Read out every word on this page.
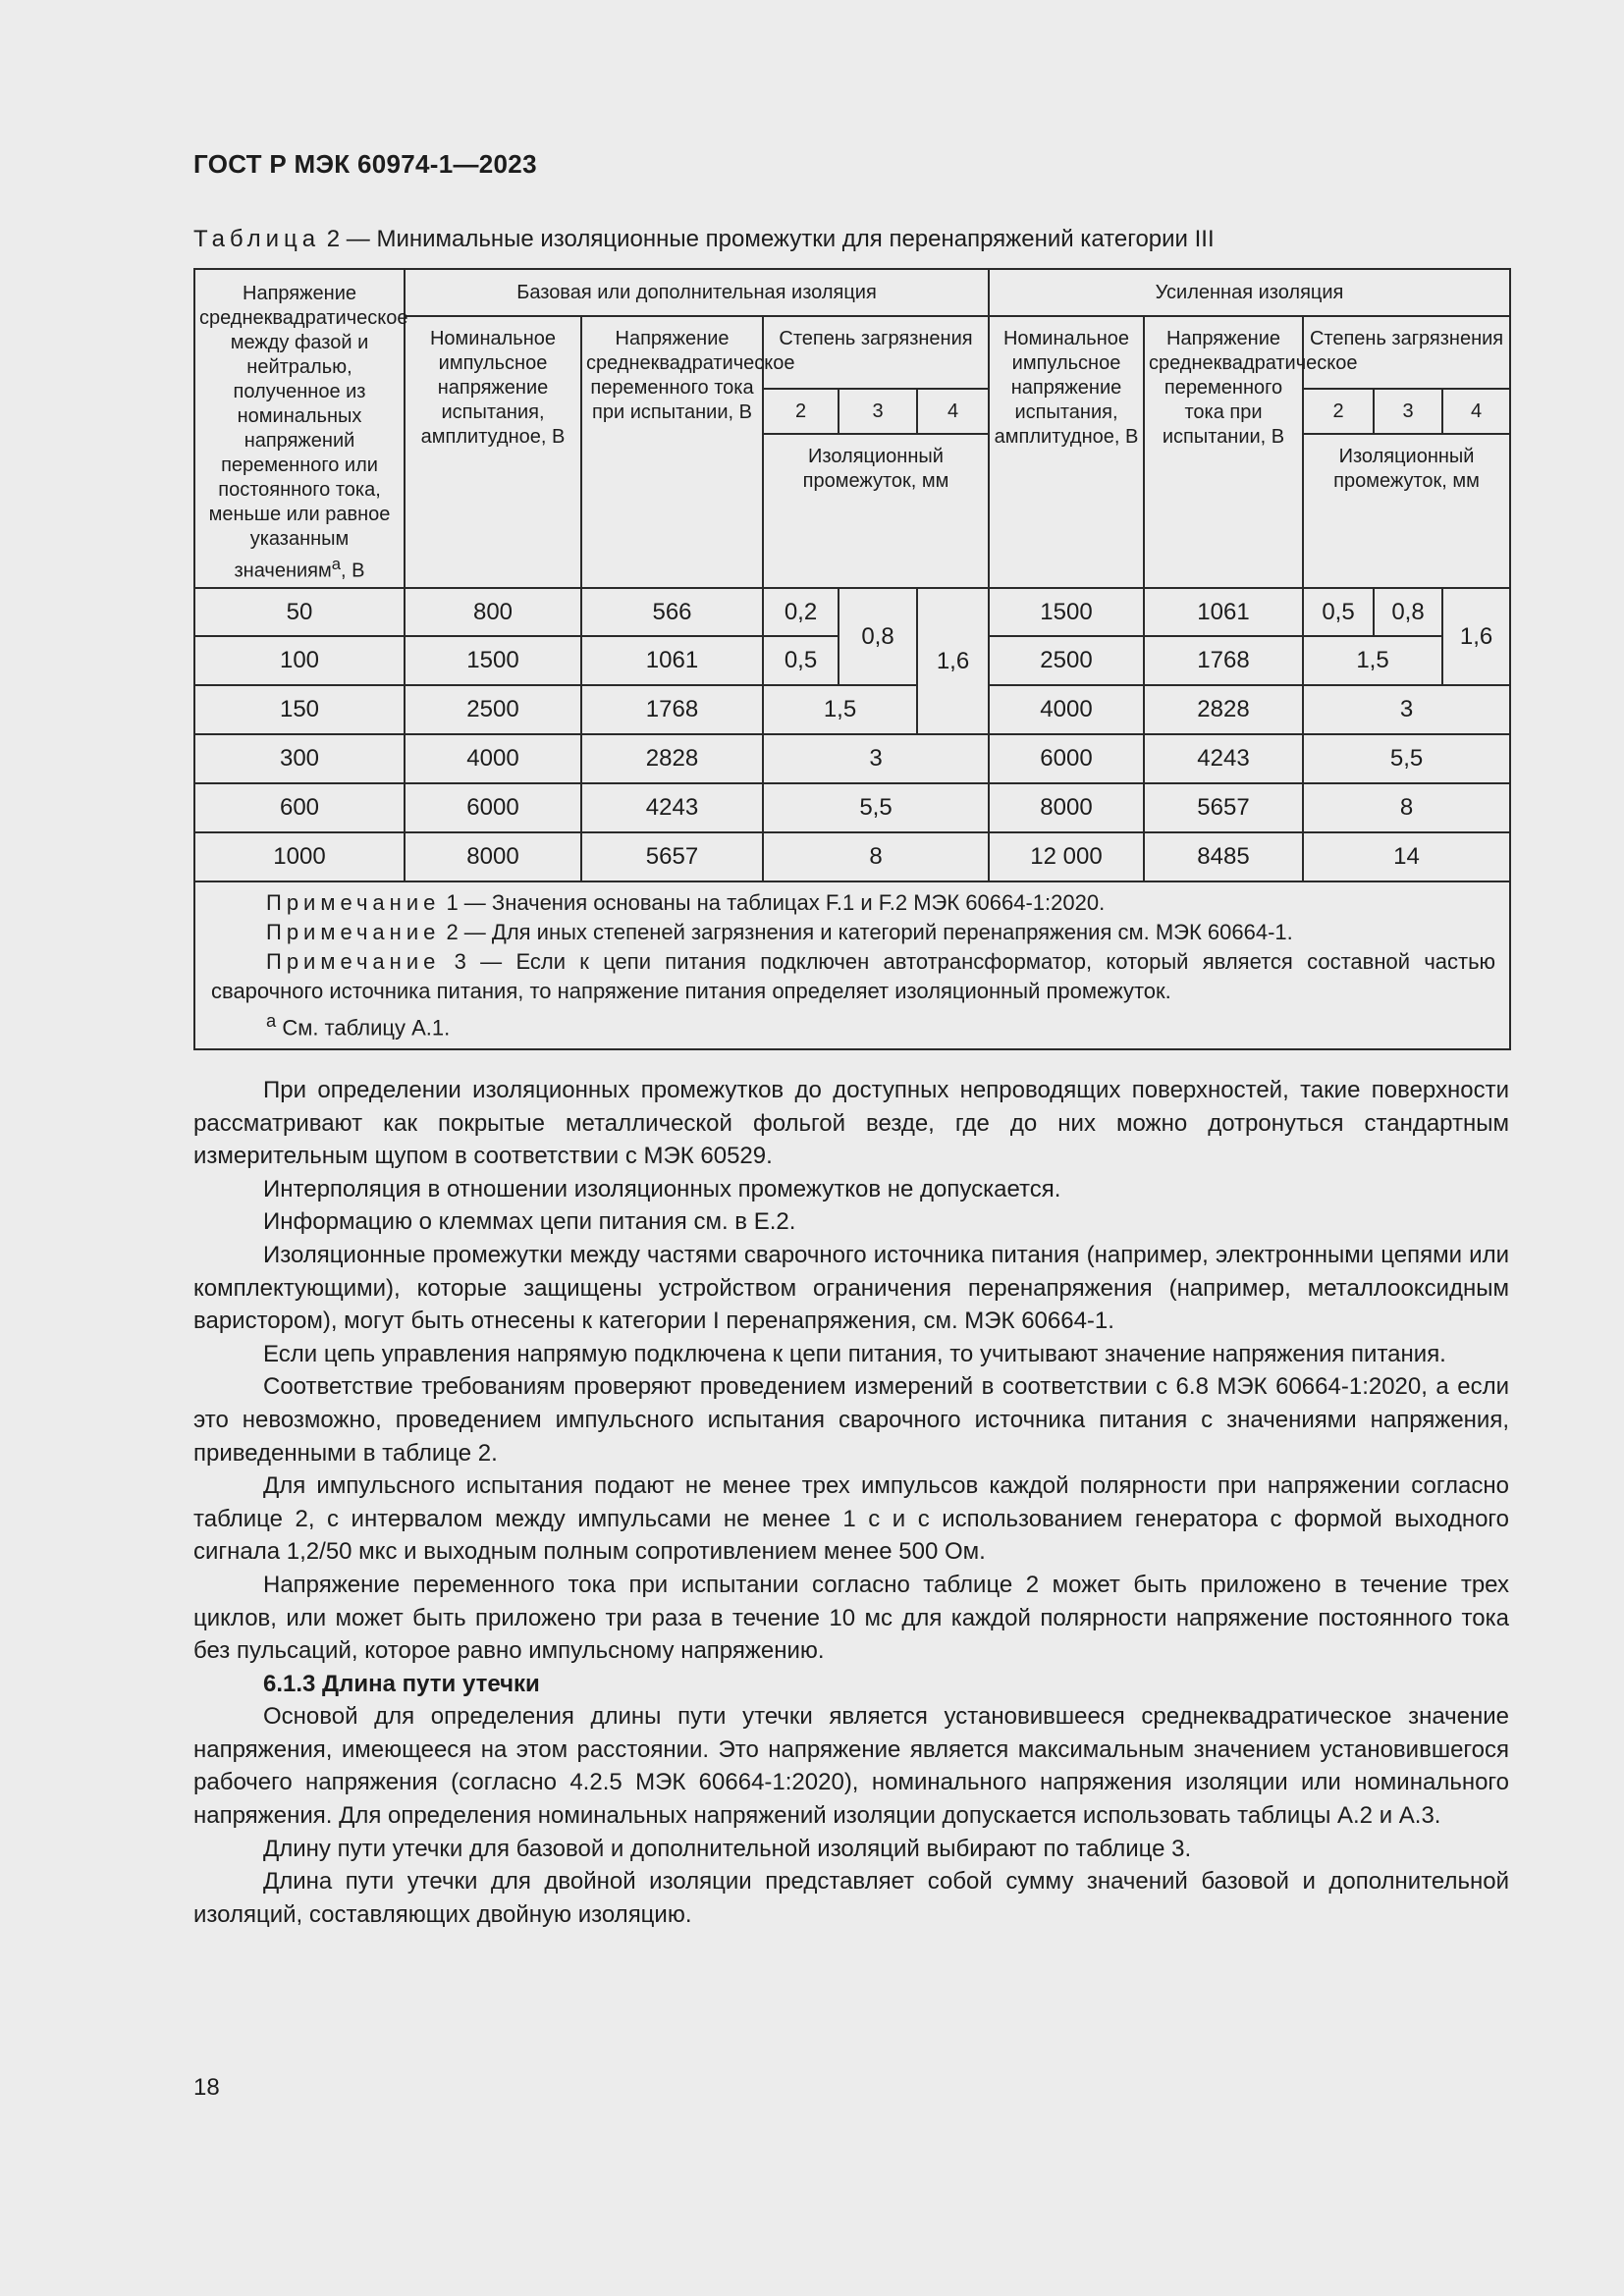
ГОСТ Р МЭК 60974-1—2023
Таблица 2 — Минимальные изоляционные промежутки для перенапряжений категории III
Напряжение среднеквадратическое между фазой и нейтралью, полученное из номинальных напряжений переменного или постоянного тока, меньше или равное указанным значениям$^а$, В	Базовая или дополнительная изоляция					Усиленная изоляция				
	Номинальное импульсное напряжение испытания, амплитудное, В	Напряжение среднеквадратическое переменного тока при испытании, В	Степень загрязнения			Номинальное импульсное напряжение испытания, амплитудное, В	Напряжение среднеквадратическое переменного тока при испытании, В	Степень загрязнения		
			2	3	4			2	3	4
			Изоляционный промежуток, мм					Изоляционный промежуток, мм		
50	800	566	0,2	0,8	1,6	1500	1061	0,5	0,8	1,6
100	1500	1061	0,5			2500	1768	1,5		
150	2500	1768	1,5			4000	2828	3		
300	4000	2828	3			6000	4243	5,5		
600	6000	4243	5,5			8000	5657	8		
1000	8000	5657	8			12 000	8485	14		

Примечание 1 — Значения основаны на таблицах F.1 и F.2 МЭК 60664-1:2020.
Примечание 2 — Для иных степеней загрязнения и категорий перенапряжения см. МЭК 60664-1.
Примечание 3 — Если к цепи питания подключен автотрансформатор, который является составной частью сварочного источника питания, то напряжение питания определяет изоляционный промежуток.
$^а$ См. таблицу А.1.										

При определении изоляционных промежутков до доступных непроводящих поверхностей, такие поверхности рассматривают как покрытые металлической фольгой везде, где до них можно дотронуться стандартным измерительным щупом в соответствии с МЭК 60529.

Интерполяция в отношении изоляционных промежутков не допускается.

Информацию о клеммах цепи питания см. в Е.2.

Изоляционные промежутки между частями сварочного источника питания (например, электронными цепями или комплектующими), которые защищены устройством ограничения перенапряжения (например, металлооксидным варистором), могут быть отнесены к категории I перенапряжения, см. МЭК 60664-1.

Если цепь управления напрямую подключена к цепи питания, то учитывают значение напряжения питания.

Соответствие требованиям проверяют проведением измерений в соответствии с 6.8 МЭК 60664-1:2020, а если это невозможно, проведением импульсного испытания сварочного источника питания с значениями напряжения, приведенными в таблице 2.

Для импульсного испытания подают не менее трех импульсов каждой полярности при напряжении согласно таблице 2, с интервалом между импульсами не менее 1 с и с использованием генератора с формой выходного сигнала 1,2/50 мкс и выходным полным сопротивлением менее 500 Ом.

Напряжение переменного тока при испытании согласно таблице 2 может быть приложено в течение трех циклов, или может быть приложено три раза в течение 10 мс для каждой полярности напряжение постоянного тока без пульсаций, которое равно импульсному напряжению.

6.1.3 Длина пути утечки

Основой для определения длины пути утечки является установившееся среднеквадратическое значение напряжения, имеющееся на этом расстоянии. Это напряжение является максимальным значением установившегося рабочего напряжения (согласно 4.2.5 МЭК 60664-1:2020), номинального напряжения изоляции или номинального напряжения. Для определения номинальных напряжений изоляции допускается использовать таблицы А.2 и А.3.

Длину пути утечки для базовой и дополнительной изоляций выбирают по таблице 3.

Длина пути утечки для двойной изоляции представляет собой сумму значений базовой и дополнительной изоляций, составляющих двойную изоляцию.

18
